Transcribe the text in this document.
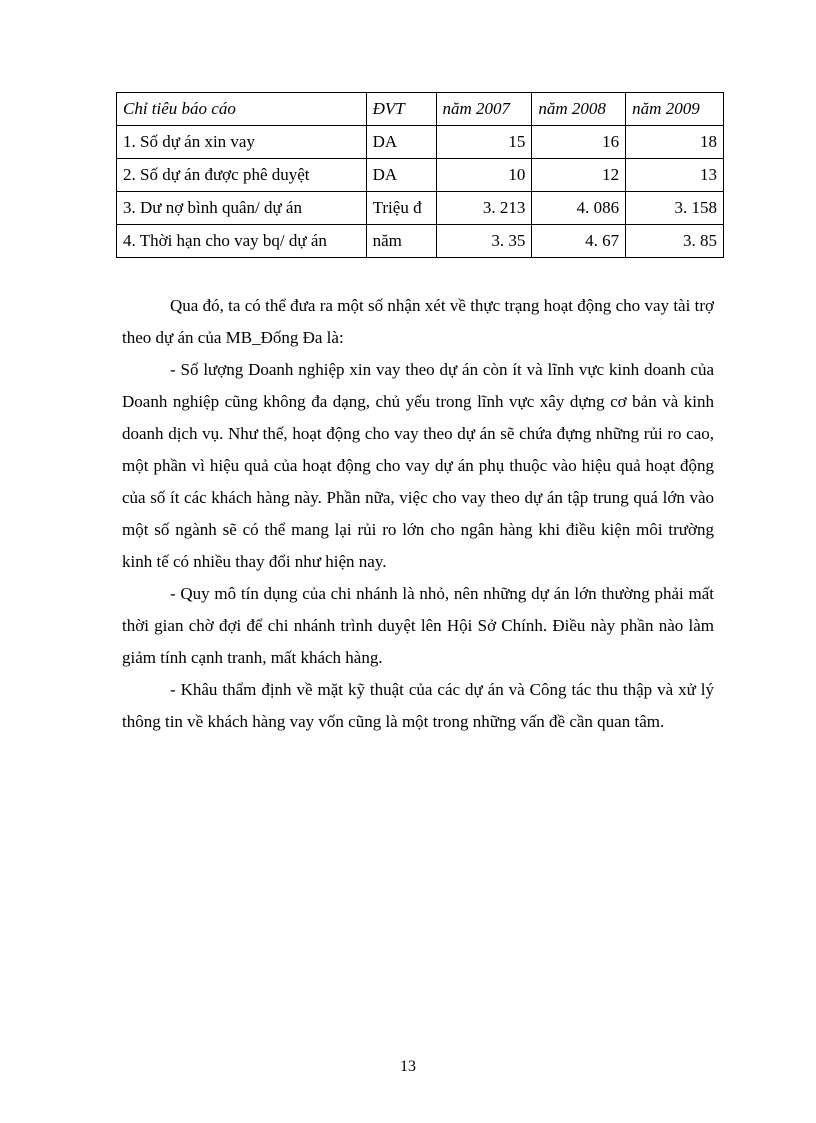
Chỉ tiêu báo cáo	ĐVT	năm 2007	năm 2008	năm 2009
1. Số dự án xin vay	DA	15	16	18
2. Số dự án được phê duyệt	DA	10	12	13
3. Dư nợ bình quân/ dự án	Triệu đ	3. 213	4. 086	3. 158
4. Thời hạn cho vay bq/ dự án	năm	3. 35	4. 67	3. 85

Qua đó, ta có thể đưa ra một số nhận xét về thực trạng hoạt động cho vay tài trợ theo dự án của MB_Đống Đa là:

- Số lượng Doanh nghiệp xin vay theo dự án còn ít và lĩnh vực kinh doanh của Doanh nghiệp cũng không đa dạng, chủ yếu trong lĩnh vực xây dựng cơ bản và kinh doanh dịch vụ. Như thế, hoạt động cho vay theo dự án sẽ chứa đựng những rủi ro cao, một phần vì hiệu quả của hoạt động cho vay dự án phụ thuộc vào hiệu quả hoạt động của số ít các khách hàng này. Phần nữa, việc cho vay theo dự án tập trung quá lớn vào một số ngành sẽ có thể mang lại rủi ro lớn cho ngân hàng khi điều kiện môi trường kinh tế có nhiều thay đổi như hiện nay.

- Quy mô tín dụng của chi nhánh là nhỏ, nên những dự án lớn thường phải mất thời gian chờ đợi để chi nhánh trình duyệt lên Hội Sở Chính. Điều này phần nào làm giảm tính cạnh tranh, mất khách hàng.

- Khâu thẩm định về mặt kỹ thuật của các dự án và Công tác thu thập và xử lý thông tin về khách hàng vay vốn cũng là một trong những vấn đề cần quan tâm.

13
